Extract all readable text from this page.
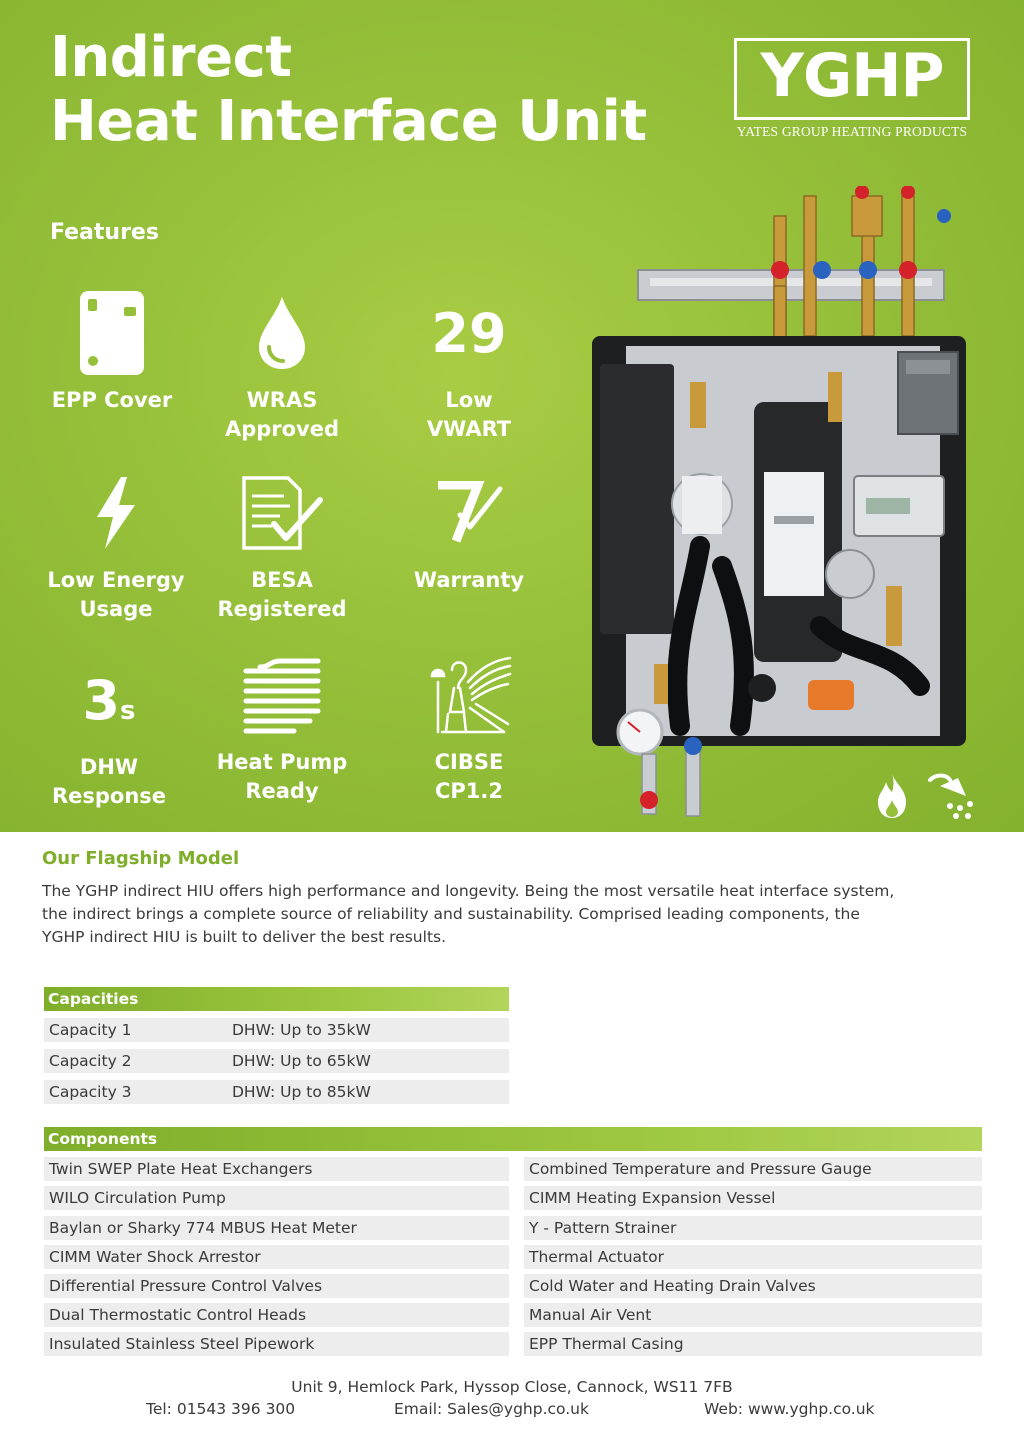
Indirect
Heat Interface Unit
YGHP
YATES GROUP HEATING PRODUCTS
Features
EPP Cover	WRAS
Approved
29
Low
VWART
Low Energy
Usage
BESA
Registered
Warranty
3s
DHW
Response
Heat Pump
Ready
CIBSE
CP1.2
Our Flagship Model

The YGHP indirect HIU offers high performance and longevity. Being the most versatile heat interface system,
the indirect brings a complete source of reliability and sustainability. Comprised leading components, the
YGHP indirect HIU is built to deliver the best results.

Capacities
Capacity 1	DHW: Up to 35kW
Capacity 2	DHW: Up to 65kW
Capacity 3	DHW: Up to 85kW
Components
Twin SWEP Plate Heat Exchangers
WILO Circulation Pump
Baylan or Sharky 774 MBUS Heat Meter
CIMM Water Shock Arrestor
Differential Pressure Control Valves
Dual Thermostatic Control Heads
Insulated Stainless Steel Pipework
Combined Temperature and Pressure Gauge
CIMM Heating Expansion Vessel
Y - Pattern Strainer
Thermal Actuator
Cold Water and Heating Drain Valves
Manual Air Vent
EPP Thermal Casing
Unit 9, Hemlock Park, Hyssop Close, Cannock, WS11 7FB
Tel: 01543 396 300	Email: Sales@yghp.co.uk	Web: www.yghp.co.uk
